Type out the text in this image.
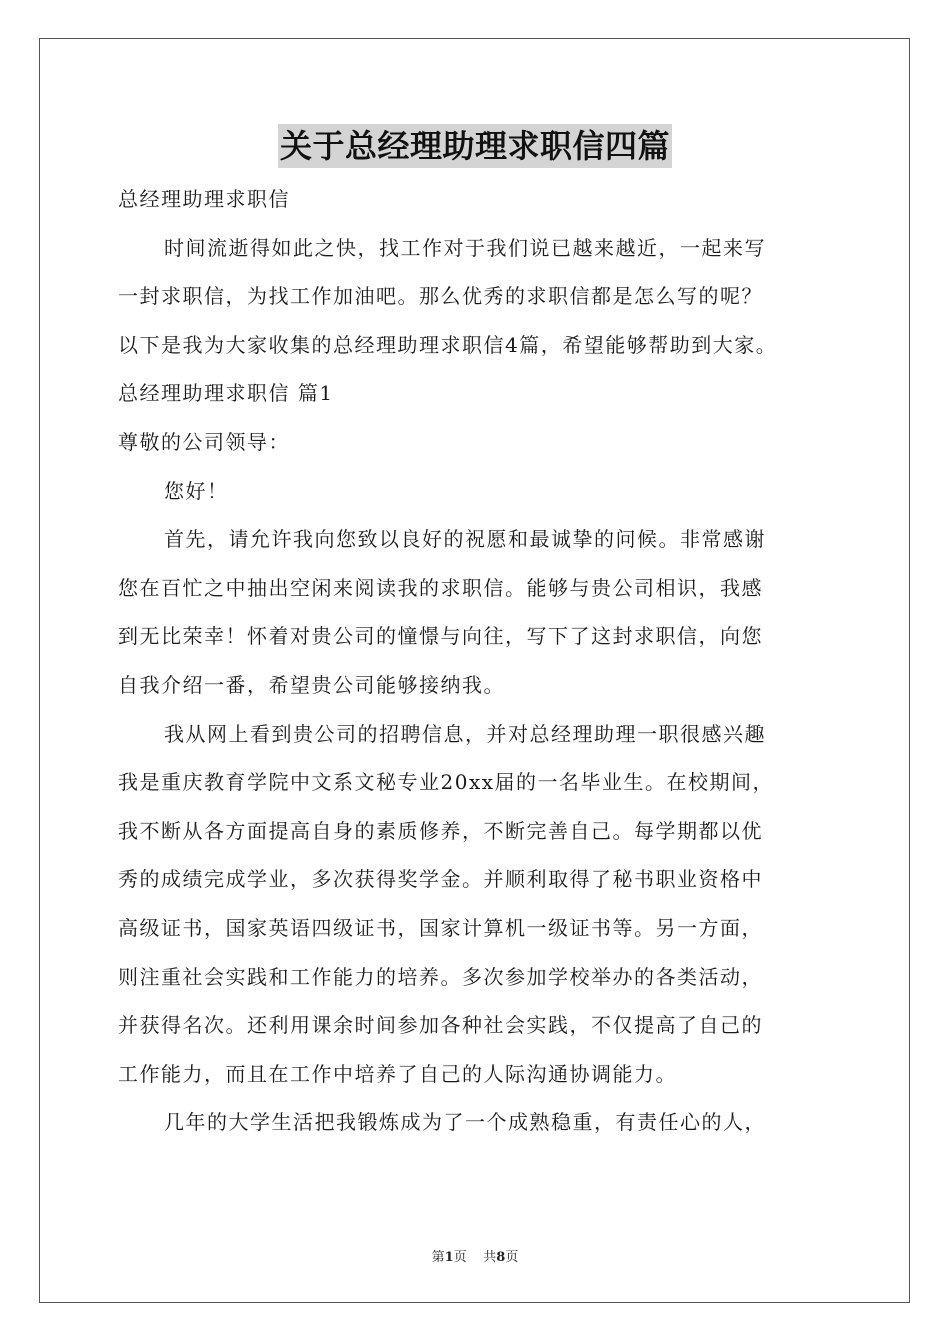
关于总经理助理求职信四篇
总经理助理求职信
时间流逝得如此之快，找工作对于我们说已越来越近，一起来写
一封求职信，为找工作加油吧。那么优秀的求职信都是怎么写的呢？
以下是我为大家收集的总经理助理求职信4篇，希望能够帮助到大家。
总经理助理求职信 篇1
尊敬的公司领导：
您好！
首先，请允许我向您致以良好的祝愿和最诚挚的问候。非常感谢
您在百忙之中抽出空闲来阅读我的求职信。能够与贵公司相识，我感
到无比荣幸！怀着对贵公司的憧憬与向往，写下了这封求职信，向您
自我介绍一番，希望贵公司能够接纳我。
我从网上看到贵公司的招聘信息，并对总经理助理一职很感兴趣
我是重庆教育学院中文系文秘专业20xx届的一名毕业生。在校期间，
我不断从各方面提高自身的素质修养，不断完善自己。每学期都以优
秀的成绩完成学业，多次获得奖学金。并顺利取得了秘书职业资格中
高级证书，国家英语四级证书，国家计算机一级证书等。另一方面，
则注重社会实践和工作能力的培养。多次参加学校举办的各类活动，
并获得名次。还利用课余时间参加各种社会实践，不仅提高了自己的
工作能力，而且在工作中培养了自己的人际沟通协调能力。
几年的大学生活把我锻炼成为了一个成熟稳重，有责任心的人，
第1页 共8页
